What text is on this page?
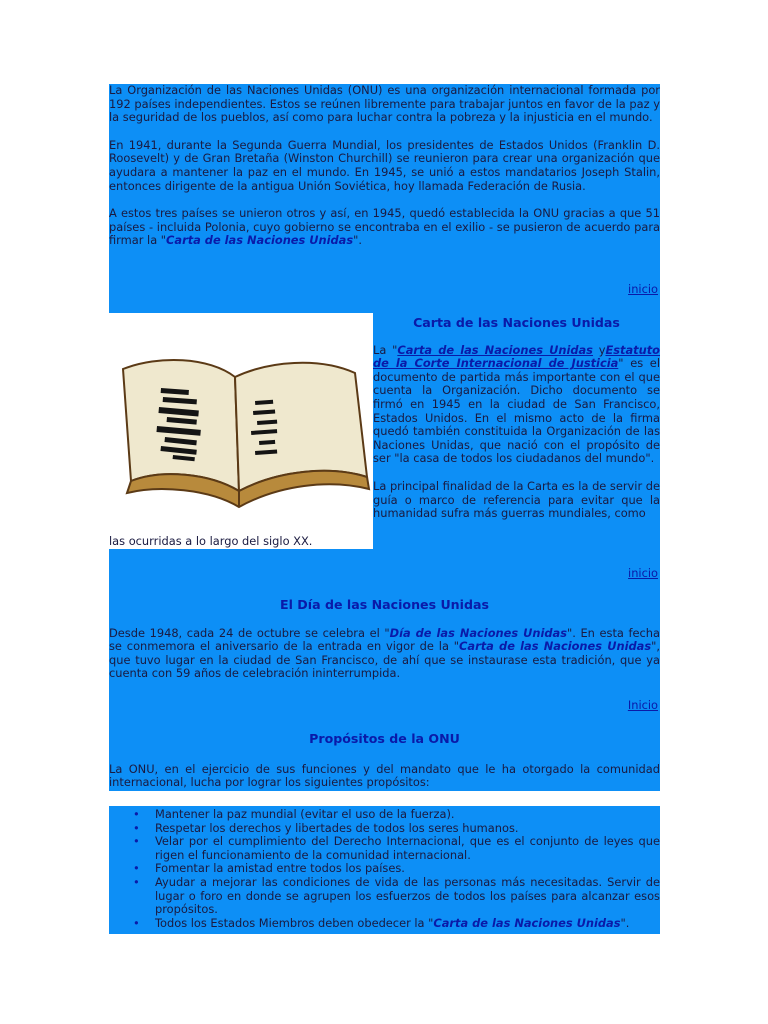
La Organización de las Naciones Unidas (ONU) es una organización internacional formada por 192 países independientes. Estos se reúnen libremente para trabajar juntos en favor de la paz y la seguridad de los pueblos, así como para luchar contra la pobreza y la injusticia en el mundo.

En 1941, durante la Segunda Guerra Mundial, los presidentes de Estados Unidos (Franklin D. Roosevelt) y de Gran Bretaña (Winston Churchill) se reunieron para crear una organización que ayudara a mantener la paz en el mundo. En 1945, se unió a estos mandatarios Joseph Stalin, entonces dirigente de la antigua Unión Soviética, hoy llamada Federación de Rusia.

A estos tres países se unieron otros y así, en 1945, quedó establecida la ONU gracias a que 51 países - incluida Polonia, cuyo gobierno se encontraba en el exilio - se pusieron de acuerdo para firmar la "Carta de las Naciones Unidas".

inicio
Carta de las Naciones Unidas

La "Carta de las Naciones Unidas yEstatuto de la Corte Internacional de Justicia" es el documento de partida más importante con el que cuenta la Organización. Dicho documento se firmó en 1945 en la ciudad de San Francisco, Estados Unidos. En el mismo acto de la firma quedó también constituida la Organización de las Naciones Unidas, que nació con el propósito de ser "la casa de todos los ciudadanos del mundo".

La principal finalidad de la Carta es la de servir de guía o marco de referencia para evitar que la humanidad sufra más guerras mundiales, como

las ocurridas a lo largo del siglo XX.

inicio
El Día de las Naciones Unidas

Desde 1948, cada 24 de octubre se celebra el "Día de las Naciones Unidas". En esta fecha se conmemora el aniversario de la entrada en vigor de la "Carta de las Naciones Unidas", que tuvo lugar en la ciudad de San Francisco, de ahí que se instaurase esta tradición, que ya cuenta con 59 años de celebración ininterrumpida.

Inicio
Propósitos de la ONU

La ONU, en el ejercicio de sus funciones y del mandato que le ha otorgado la comunidad internacional, lucha por lograr los siguientes propósitos:

• Mantener la paz mundial (evitar el uso de la fuerza).
• Respetar los derechos y libertades de todos los seres humanos.
• Velar por el cumplimiento del Derecho Internacional, que es el conjunto de leyes que rigen el funcionamiento de la comunidad internacional.
• Fomentar la amistad entre todos los países.
• Ayudar a mejorar las condiciones de vida de las personas más necesitadas. Servir de lugar o foro en donde se agrupen los esfuerzos de todos los países para alcanzar esos propósitos.
• Todos los Estados Miembros deben obedecer la "Carta de las Naciones Unidas".
